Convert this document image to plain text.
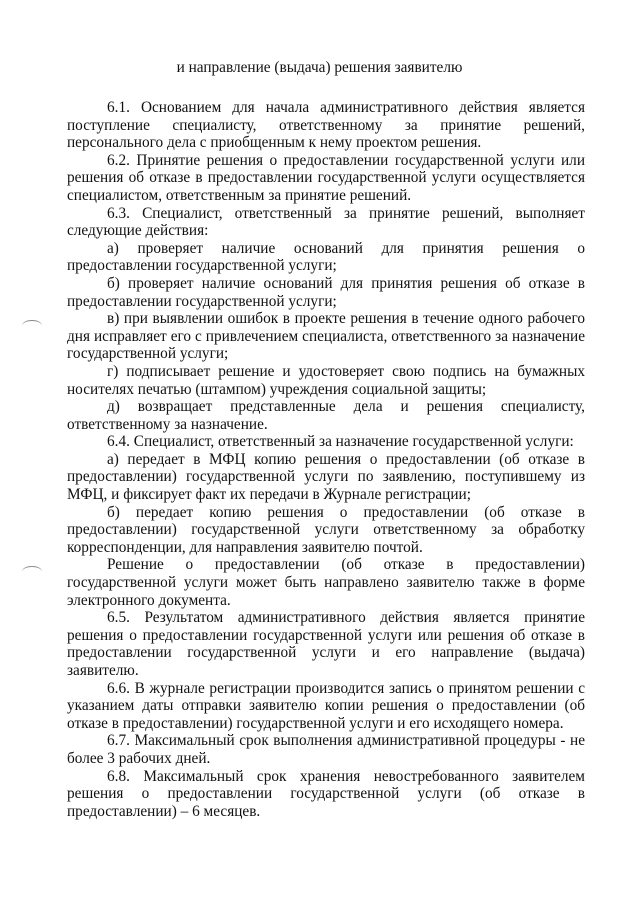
и направление (выдача) решения заявителю

6.1. Основанием для начала административного действия является поступление специалисту, ответственному за принятие решений, персонального дела с приобщенным к нему проектом решения.

6.2. Принятие решения о предоставлении государственной услуги или решения об отказе в предоставлении государственной услуги осуществляется специалистом, ответственным за принятие решений.

6.3. Специалист, ответственный за принятие решений, выполняет следующие действия:

а) проверяет наличие оснований для принятия решения о предоставлении государственной услуги;

б) проверяет наличие оснований для принятия решения об отказе в предоставлении государственной услуги;

в) при выявлении ошибок в проекте решения в течение одного рабочего дня исправляет его с привлечением специалиста, ответственного за назначение государственной услуги;

г) подписывает решение и удостоверяет свою подпись на бумажных носителях печатью (штампом) учреждения социальной защиты;

д) возвращает представленные дела и решения специалисту, ответственному за назначение.

6.4. Специалист, ответственный за назначение государственной услуги:

а) передает в МФЦ копию решения о предоставлении (об отказе в предоставлении) государственной услуги по заявлению, поступившему из МФЦ, и фиксирует факт их передачи в Журнале регистрации;

б) передает копию решения о предоставлении (об отказе в предоставлении) государственной услуги ответственному за обработку корреспонденции, для направления заявителю почтой.

Решение о предоставлении (об отказе в предоставлении) государственной услуги может быть направлено заявителю также в форме электронного документа.

6.5. Результатом административного действия является принятие решения о предоставлении государственной услуги или решения об отказе в предоставлении государственной услуги и его направление (выдача) заявителю.

6.6. В журнале регистрации производится запись о принятом решении с указанием даты отправки заявителю копии решения о предоставлении (об отказе в предоставлении) государственной услуги и его исходящего номера.

6.7. Максимальный срок выполнения административной процедуры - не более 3 рабочих дней.

6.8. Максимальный срок хранения невостребованного заявителем решения о предоставлении государственной услуги (об отказе в предоставлении) – 6 месяцев.
